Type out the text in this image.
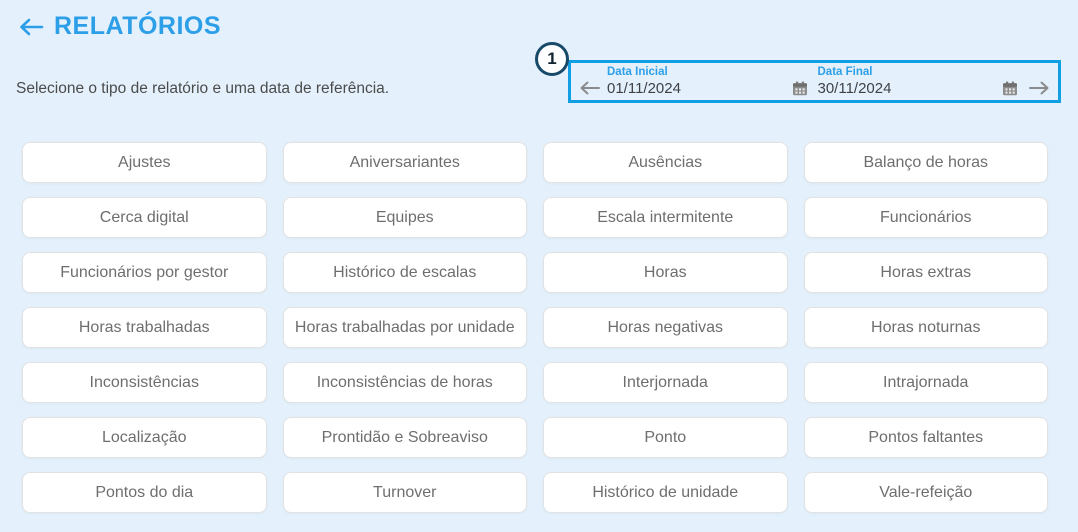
RELATÓRIOS

Selecione o tipo de relatório e uma data de referência.

1
Data Inicial
01/11/2024
Data Final
30/11/2024
Ajustes	Aniversariantes	Ausências	Balanço de horas
Cerca digital	Equipes	Escala intermitente	Funcionários
Funcionários por gestor	Histórico de escalas	Horas	Horas extras
Horas trabalhadas	Horas trabalhadas por unidade	Horas negativas	Horas noturnas
Inconsistências	Inconsistências de horas	Interjornada	Intrajornada
Localização	Prontidão e Sobreaviso	Ponto	Pontos faltantes
Pontos do dia	Turnover	Histórico de unidade	Vale-refeição
